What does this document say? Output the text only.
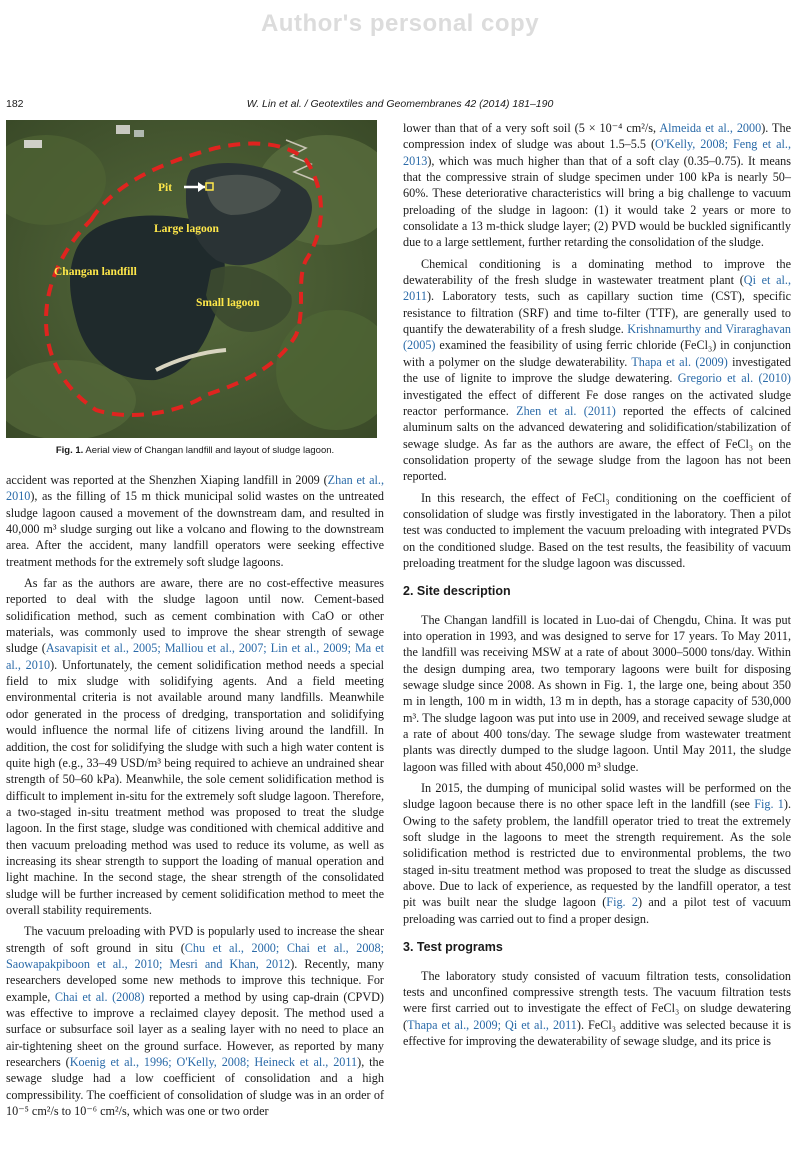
Author's personal copy
182	W. Lin et al. / Geotextiles and Geomembranes 42 (2014) 181–190
Pit
Large lagoon
Changan landfill
Small lagoon
Fig. 1. Aerial view of Changan landfill and layout of sludge lagoon.

accident was reported at the Shenzhen Xiaping landfill in 2009 (Zhan et al., 2010), as the filling of 15 m thick municipal solid wastes on the untreated sludge lagoon caused a movement of the downstream dam, and resulted in 40,000 m³ sludge surging out like a volcano and flowing to the downstream area. After the accident, many landfill operators were seeking effective treatment methods for the extremely soft sludge lagoons.

As far as the authors are aware, there are no cost-effective measures reported to deal with the sludge lagoon until now. Cement-based solidification method, such as cement combination with CaO or other materials, was commonly used to improve the shear strength of sewage sludge (Asavapisit et al., 2005; Malliou et al., 2007; Lin et al., 2009; Ma et al., 2010). Unfortunately, the cement solidification method needs a special field to mix sludge with solidifying agents. And a field meeting environmental criteria is not available around many landfills. Meanwhile odor generated in the process of dredging, transportation and solidifying would influence the normal life of citizens living around the landfill. In addition, the cost for solidifying the sludge with such a high water content is quite high (e.g., 33–49 USD/m³ being required to achieve an undrained shear strength of 50–60 kPa). Meanwhile, the sole cement solidification method is difficult to implement in-situ for the extremely soft sludge lagoon. Therefore, a two-staged in-situ treatment method was proposed to treat the sludge lagoon. In the first stage, sludge was conditioned with chemical additive and then vacuum preloading method was used to reduce its volume, as well as increasing its shear strength to support the loading of manual operation and light machine. In the second stage, the shear strength of the consolidated sludge will be further increased by cement solidification method to meet the overall stability requirements.

The vacuum preloading with PVD is popularly used to increase the shear strength of soft ground in situ (Chu et al., 2000; Chai et al., 2008; Saowapakpiboon et al., 2010; Mesri and Khan, 2012). Recently, many researchers developed some new methods to improve this technique. For example, Chai et al. (2008) reported a method by using cap-drain (CPVD) was effective to improve a reclaimed clayey deposit. The method used a surface or subsurface soil layer as a sealing layer with no need to place an air-tightening sheet on the ground surface. However, as reported by many researchers (Koenig et al., 1996; O'Kelly, 2008; Heineck et al., 2011), the sewage sludge had a low coefficient of consolidation and a high compressibility. The coefficient of consolidation of sludge was in an order of 10⁻⁵ cm²/s to 10⁻⁶ cm²/s, which was one or two order

lower than that of a very soft soil (5 × 10⁻⁴ cm²/s, Almeida et al., 2000). The compression index of sludge was about 1.5–5.5 (O'Kelly, 2008; Feng et al., 2013), which was much higher than that of a soft clay (0.35–0.75). It means that the compressive strain of sludge specimen under 100 kPa is nearly 50–60%. These deteriorative characteristics will bring a big challenge to vacuum preloading of the sludge in lagoon: (1) it would take 2 years or more to consolidate a 13 m-thick sludge layer; (2) PVD would be buckled significantly due to a large settlement, further retarding the consolidation of the sludge.

Chemical conditioning is a dominating method to improve the dewaterability of the fresh sludge in wastewater treatment plant (Qi et al., 2011). Laboratory tests, such as capillary suction time (CST), specific resistance to filtration (SRF) and time to-filter (TTF), are generally used to quantify the dewaterability of a fresh sludge. Krishnamurthy and Viraraghavan (2005) examined the feasibility of using ferric chloride (FeCl₃) in conjunction with a polymer on the sludge dewaterability. Thapa et al. (2009) investigated the use of lignite to improve the sludge dewatering. Gregorio et al. (2010) investigated the effect of different Fe dose ranges on the activated sludge reactor performance. Zhen et al. (2011) reported the effects of calcined aluminum salts on the advanced dewatering and solidification/stabilization of sewage sludge. As far as the authors are aware, the effect of FeCl₃ on the consolidation property of the sewage sludge from the lagoon has not been reported.

In this research, the effect of FeCl₃ conditioning on the coefficient of consolidation of sludge was firstly investigated in the laboratory. Then a pilot test was conducted to implement the vacuum preloading with integrated PVDs on the conditioned sludge. Based on the test results, the feasibility of vacuum preloading treatment for the sludge lagoon was discussed.

2. Site description

The Changan landfill is located in Luo-dai of Chengdu, China. It was put into operation in 1993, and was designed to serve for 17 years. To May 2011, the landfill was receiving MSW at a rate of about 3000–5000 tons/day. Within the design dumping area, two temporary lagoons were built for disposing sewage sludge since 2008. As shown in Fig. 1, the large one, being about 350 m in length, 100 m in width, 13 m in depth, has a storage capacity of 530,000 m³. The sludge lagoon was put into use in 2009, and received sewage sludge at a rate of about 400 tons/day. The sewage sludge from wastewater treatment plants was directly dumped to the sludge lagoon. Until May 2011, the sludge lagoon was filled with about 450,000 m³ sludge.

In 2015, the dumping of municipal solid wastes will be performed on the sludge lagoon because there is no other space left in the landfill (see Fig. 1). Owing to the safety problem, the landfill operator tried to treat the extremely soft sludge in the lagoons to meet the strength requirement. As the sole solidification method is restricted due to environmental problems, the two staged in-situ treatment method was proposed to treat the sludge as discussed above. Due to lack of experience, as requested by the landfill operator, a test pit was built near the sludge lagoon (Fig. 2) and a pilot test of vacuum preloading was carried out to find a proper design.

3. Test programs

The laboratory study consisted of vacuum filtration tests, consolidation tests and unconfined compressive strength tests. The vacuum filtration tests were first carried out to investigate the effect of FeCl₃ on sludge dewatering (Thapa et al., 2009; Qi et al., 2011). FeCl₃ additive was selected because it is effective for improving the dewaterability of sewage sludge, and its price is
